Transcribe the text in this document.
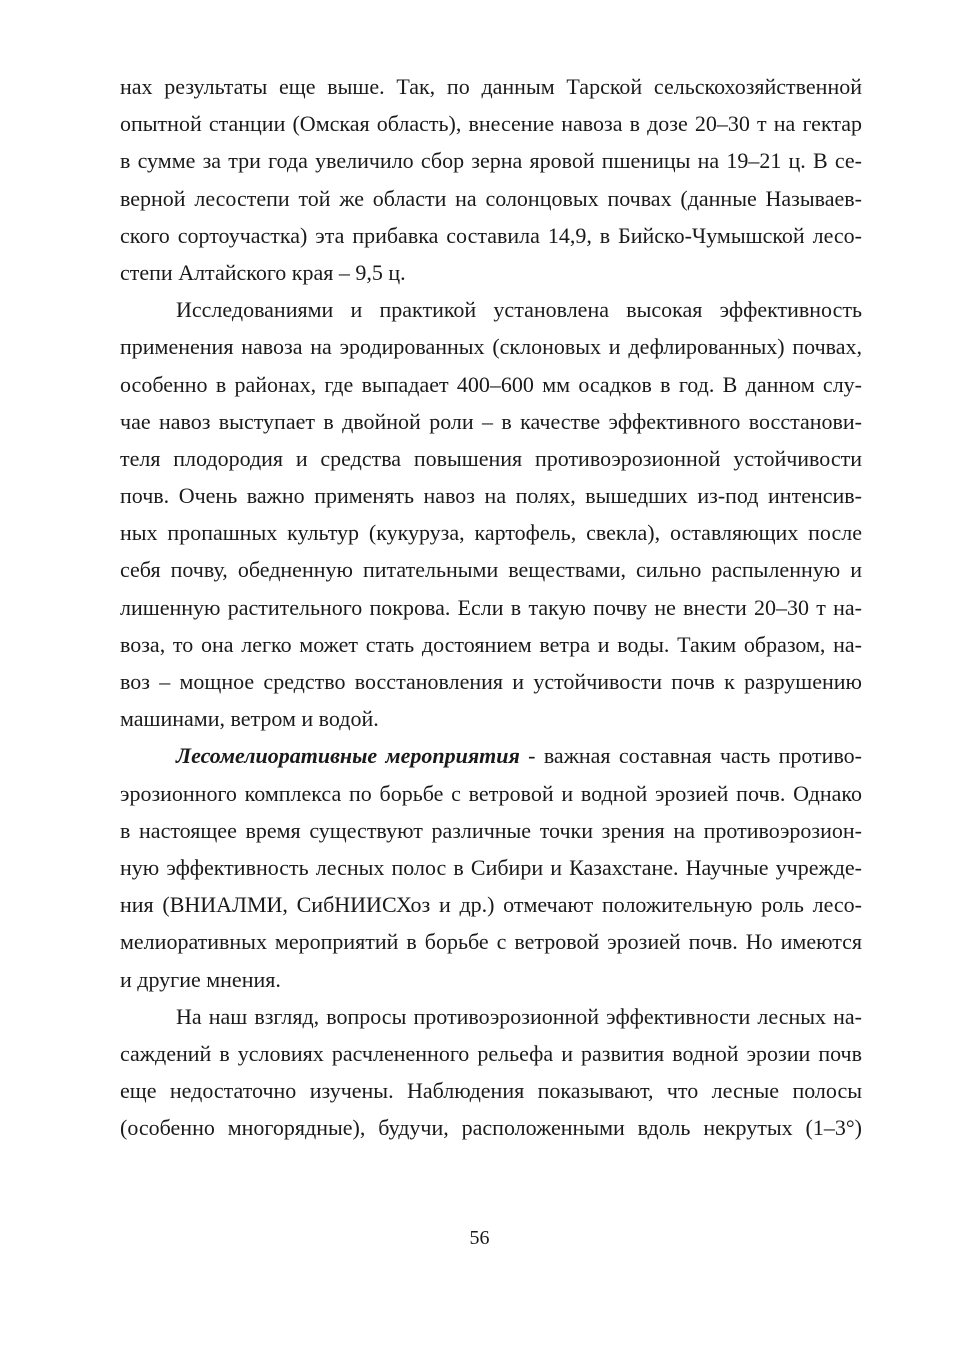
нах результаты еще выше. Так, по данным Тарской сельскохозяйственной
опытной станции (Омская область), внесение навоза в дозе 20–30 т на гектар
в сумме за три года увеличило сбор зерна яровой пшеницы на 19–21 ц. В се-
верной лесостепи той же области на солонцовых почвах (данные Называев-
ского сортоучастка) эта прибавка составила 14,9, в Бийско-Чумышской лесо-
степи Алтайского края – 9,5 ц.
Исследованиями и практикой установлена высокая эффективность
применения навоза на эродированных (склоновых и дефлированных) почвах,
особенно в районах, где выпадает 400–600 мм осадков в год. В данном слу-
чае навоз выступает в двойной роли – в качестве эффективного восстанови-
теля плодородия и средства повышения противоэрозионной устойчивости
почв. Очень важно применять навоз на полях, вышедших из-под интенсив-
ных пропашных культур (кукуруза, картофель, свекла), оставляющих после
себя почву, обедненную питательными веществами, сильно распыленную и
лишенную растительного покрова. Если в такую почву не внести 20–30 т на-
воза, то она легко может стать достоянием ветра и воды. Таким образом, на-
воз – мощное средство восстановления и устойчивости почв к разрушению
машинами, ветром и водой.
Лесомелиоративные мероприятия - важная составная часть противо-
эрозионного комплекса по борьбе с ветровой и водной эрозией почв. Однако
в настоящее время существуют различные точки зрения на противоэрозион-
ную эффективность лесных полос в Сибири и Казахстане. Научные учрежде-
ния (ВНИАЛМИ, СибНИИСХоз и др.) отмечают положительную роль лесо-
мелиоративных мероприятий в борьбе с ветровой эрозией почв. Но имеются
и другие мнения.
На наш взгляд, вопросы противоэрозионной эффективности лесных на-
саждений в условиях расчлененного рельефа и развития водной эрозии почв
еще недостаточно изучены. Наблюдения показывают, что лесные полосы
(особенно многорядные), будучи, расположенными вдоль некрутых (1–3°)
56
